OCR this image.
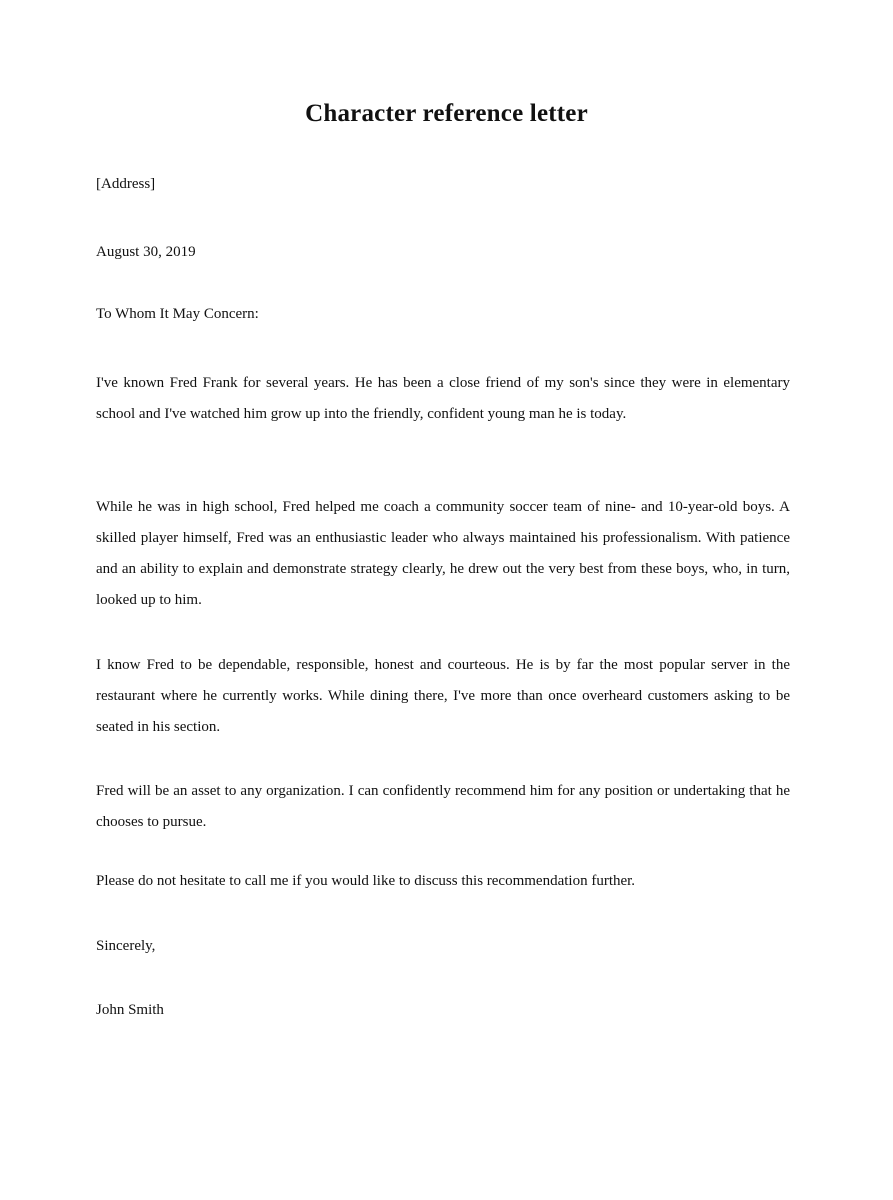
Character reference letter

[Address]

August 30, 2019

To Whom It May Concern:

I've known Fred Frank for several years. He has been a close friend of my son's since they were in elementary school and I've watched him grow up into the friendly, confident young man he is today.

While he was in high school, Fred helped me coach a community soccer team of nine- and 10-year-old boys. A skilled player himself, Fred was an enthusiastic leader who always maintained his professionalism. With patience and an ability to explain and demonstrate strategy clearly, he drew out the very best from these boys, who, in turn, looked up to him.

I know Fred to be dependable, responsible, honest and courteous. He is by far the most popular server in the restaurant where he currently works. While dining there, I've more than once overheard customers asking to be seated in his section.

Fred will be an asset to any organization. I can confidently recommend him for any position or undertaking that he chooses to pursue.

Please do not hesitate to call me if you would like to discuss this recommendation further.

Sincerely,

John Smith
